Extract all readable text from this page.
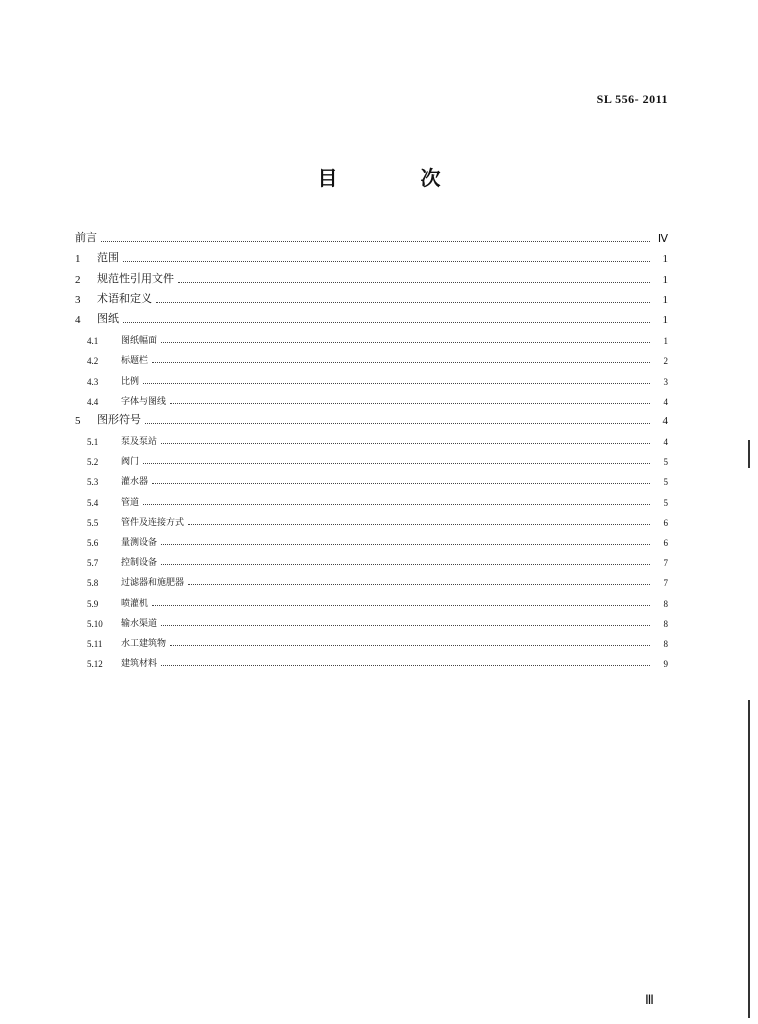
SL 556- 2011
目 次
前言	Ⅳ
1	范围	1
2	规范性引用文件	1
3	术语和定义	1
4	图纸	1
4.1	图纸幅面	1
4.2	标题栏	2
4.3	比例	3
4.4	字体与图线	4
5	图形符号	4
5.1	泵及泵站	4
5.2	阀门	5
5.3	灌水器	5
5.4	管道	5
5.5	管件及连接方式	6
5.6	量测设备	6
5.7	控制设备	7
5.8	过滤器和施肥器	7
5.9	喷灌机	8
5.10	输水渠道	8
5.11	水工建筑物	8
5.12	建筑材料	9
Ⅲ
